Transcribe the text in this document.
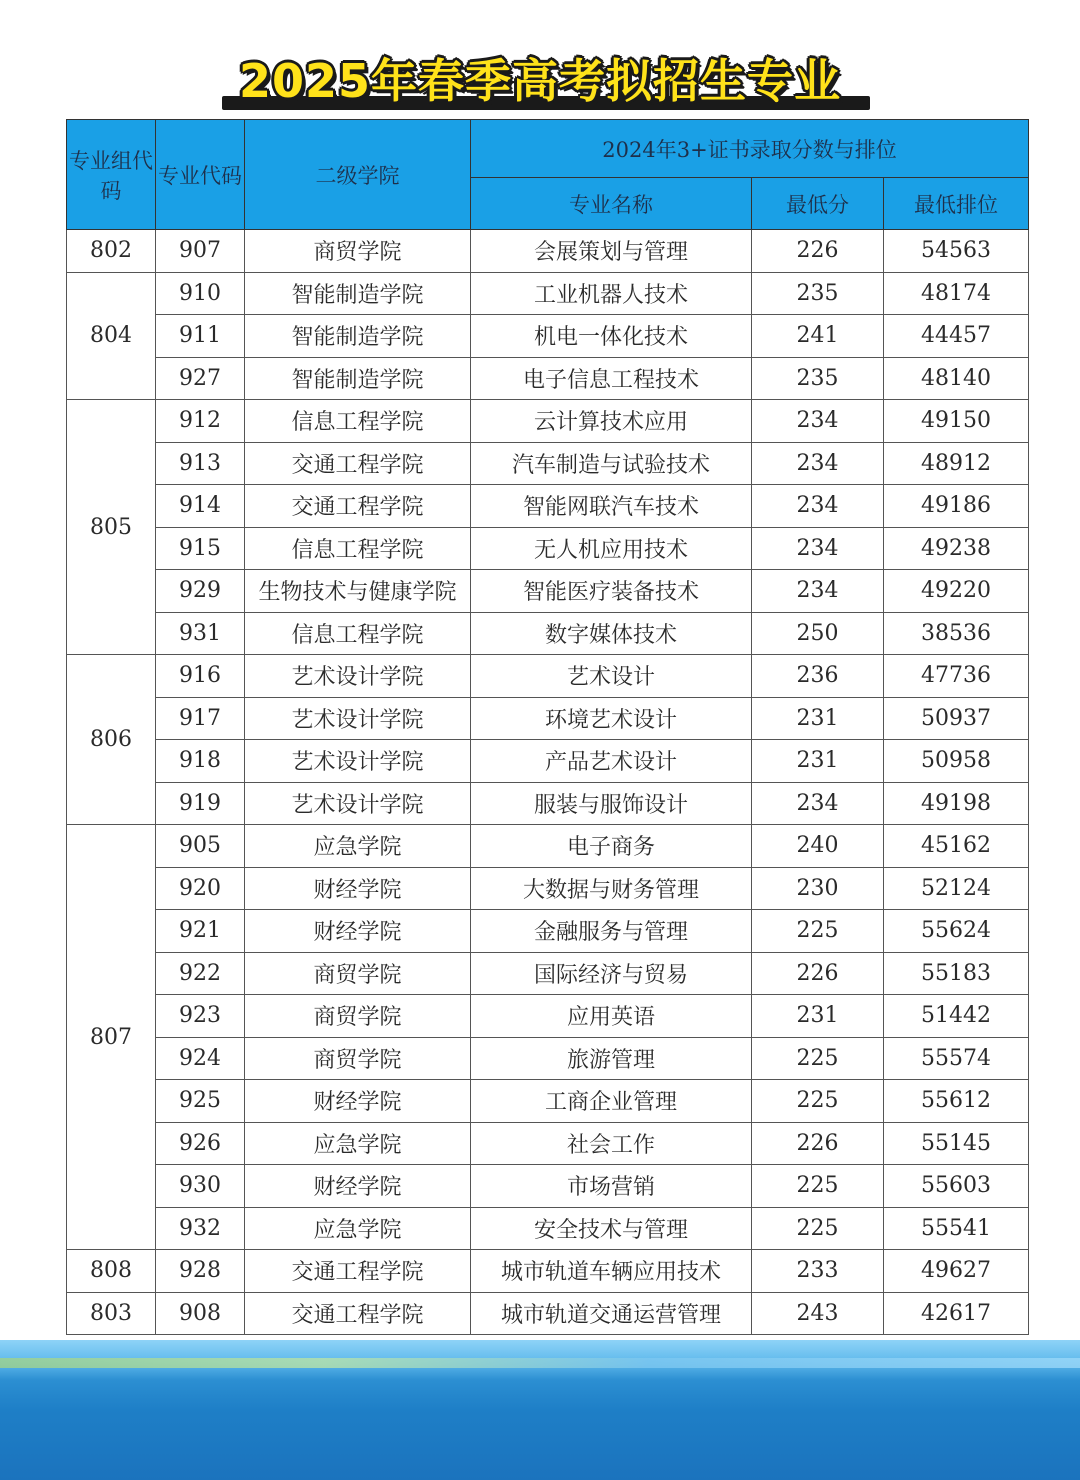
2025年春季高考拟招生专业
专业组代码	专业代码	二级学院	2024年3+证书录取分数与排位		
			专业名称	最低分	最低排位
802	907	商贸学院	会展策划与管理	226	54563
804	910	智能制造学院	工业机器人技术	235	48174
	911	智能制造学院	机电一体化技术	241	44457
	927	智能制造学院	电子信息工程技术	235	48140
805	912	信息工程学院	云计算技术应用	234	49150
	913	交通工程学院	汽车制造与试验技术	234	48912
	914	交通工程学院	智能网联汽车技术	234	49186
	915	信息工程学院	无人机应用技术	234	49238
	929	生物技术与健康学院	智能医疗装备技术	234	49220
	931	信息工程学院	数字媒体技术	250	38536
806	916	艺术设计学院	艺术设计	236	47736
	917	艺术设计学院	环境艺术设计	231	50937
	918	艺术设计学院	产品艺术设计	231	50958
	919	艺术设计学院	服装与服饰设计	234	49198
807	905	应急学院	电子商务	240	45162
	920	财经学院	大数据与财务管理	230	52124
	921	财经学院	金融服务与管理	225	55624
	922	商贸学院	国际经济与贸易	226	55183
	923	商贸学院	应用英语	231	51442
	924	商贸学院	旅游管理	225	55574
	925	财经学院	工商企业管理	225	55612
	926	应急学院	社会工作	226	55145
	930	财经学院	市场营销	225	55603
	932	应急学院	安全技术与管理	225	55541
808	928	交通工程学院	城市轨道车辆应用技术	233	49627
803	908	交通工程学院	城市轨道交通运营管理	243	42617
